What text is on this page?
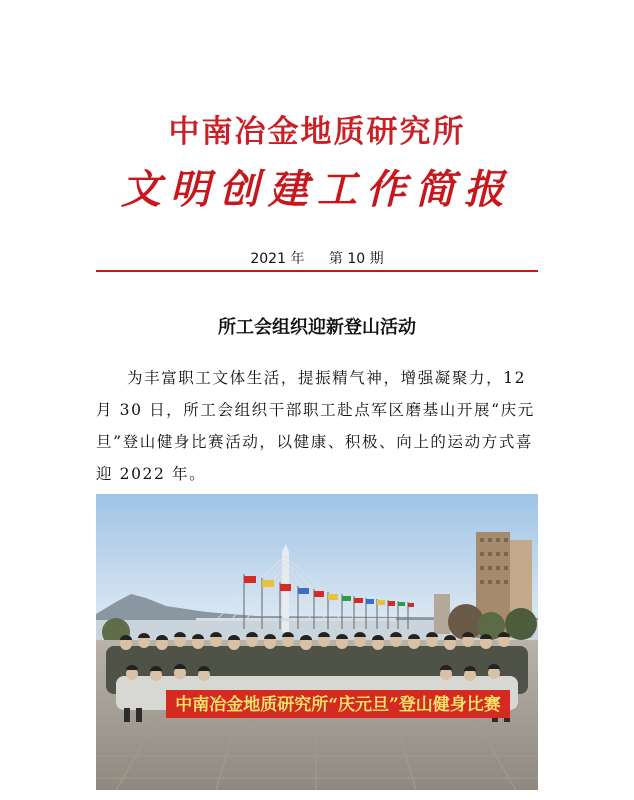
中南冶金地质研究所
文明创建工作简报
2021 年 第 10 期
所工会组织迎新登山活动
为丰富职工文体生活，提振精气神，增强凝聚力，12 月 30 日，所工会组织干部职工赴点军区磨基山开展“庆元旦”登山健身比赛活动，以健康、积极、向上的运动方式喜迎 2022 年。
中南冶金地质研究所“庆元旦”登山健身比赛
